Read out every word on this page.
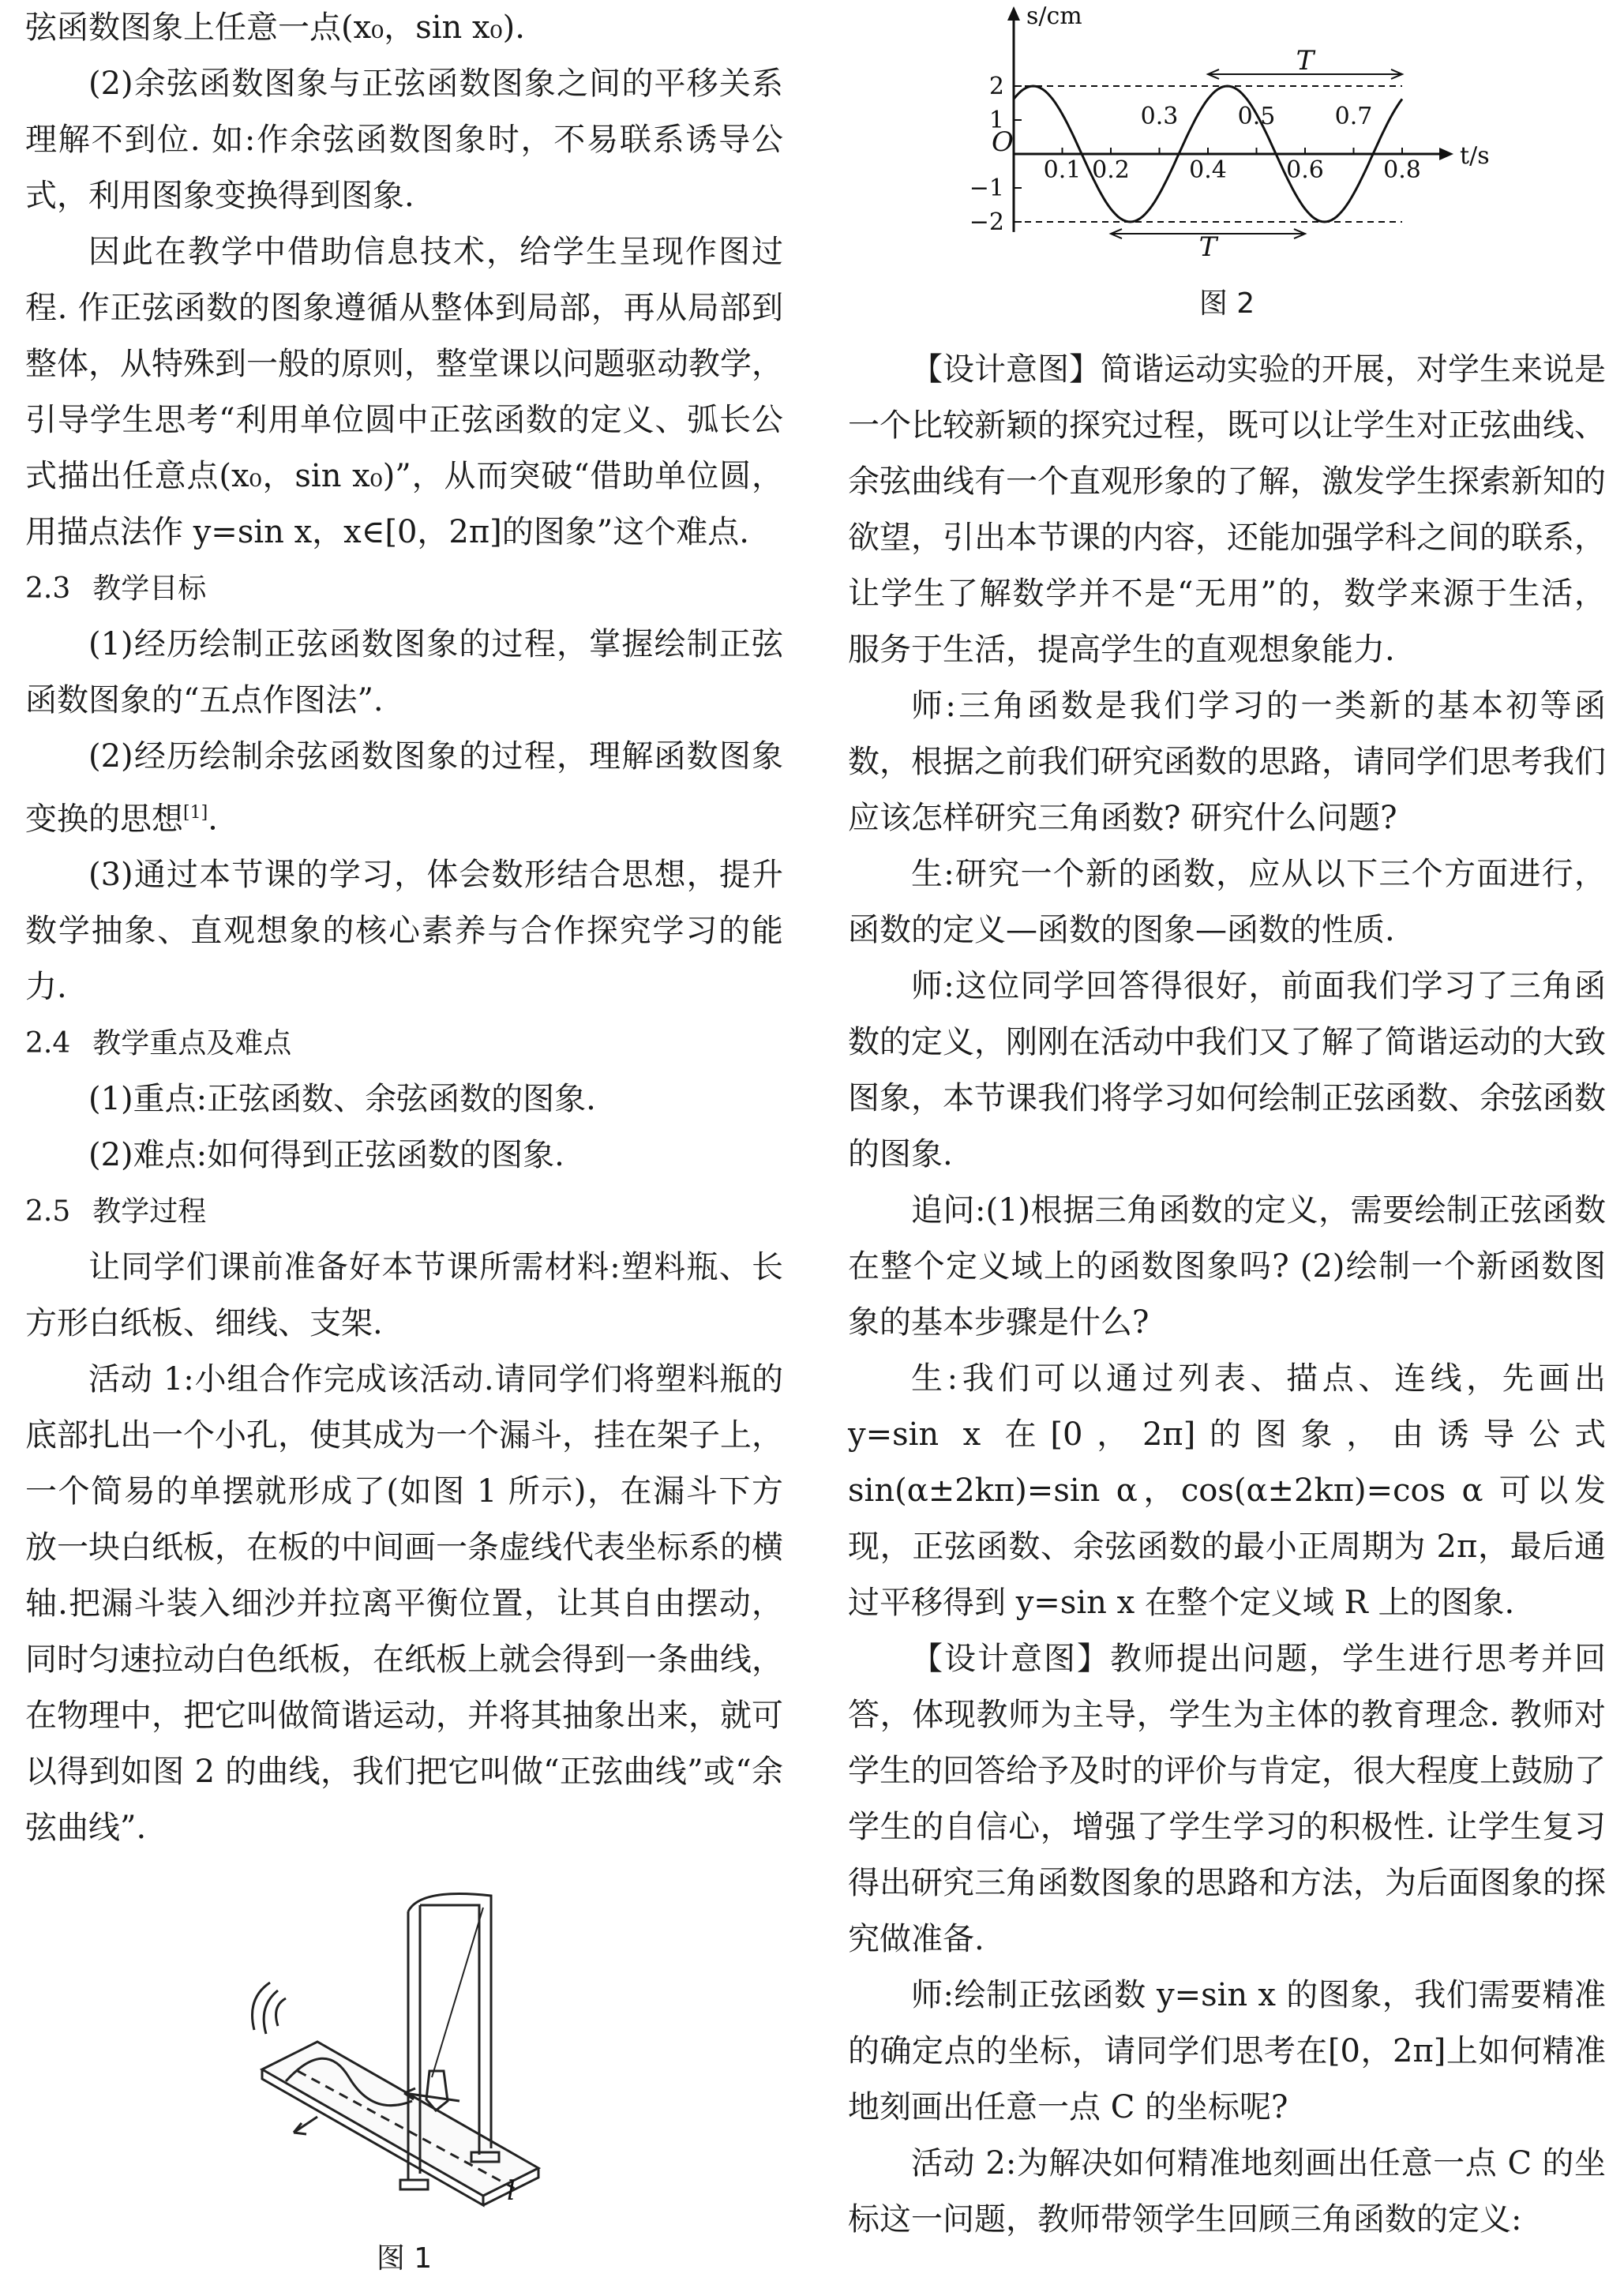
弦函数图象上任意一点(x₀，sin x₀).

(2)余弦函数图象与正弦函数图象之间的平移关系理解不到位. 如:作余弦函数图象时，不易联系诱导公式，利用图象变换得到图象.

因此在教学中借助信息技术，给学生呈现作图过程. 作正弦函数的图象遵循从整体到局部，再从局部到整体，从特殊到一般的原则，整堂课以问题驱动教学，引导学生思考“利用单位圆中正弦函数的定义、弧长公式描出任意点(x₀，sin x₀)”，从而突破“借助单位圆，用描点法作 y=sin x，x∈[0，2π]的图象”这个难点.

2.3 教学目标

(1)经历绘制正弦函数图象的过程，掌握绘制正弦函数图象的“五点作图法”.

(2)经历绘制余弦函数图象的过程，理解函数图象变换的思想[1].

(3)通过本节课的学习，体会数形结合思想，提升数学抽象、直观想象的核心素养与合作探究学习的能力.

2.4 教学重点及难点

(1)重点:正弦函数、余弦函数的图象.

(2)难点:如何得到正弦函数的图象.

2.5 教学过程

让同学们课前准备好本节课所需材料:塑料瓶、长方形白纸板、细线、支架.

活动 1:小组合作完成该活动.请同学们将塑料瓶的底部扎出一个小孔，使其成为一个漏斗，挂在架子上，一个简易的单摆就形成了(如图 1 所示)，在漏斗下方放一块白纸板，在板的中间画一条虚线代表坐标系的横轴.把漏斗装入细沙并拉离平衡位置，让其自由摆动，同时匀速拉动白色纸板，在纸板上就会得到一条曲线，在物理中，把它叫做简谐运动，并将其抽象出来，就可以得到如图 2 的曲线，我们把它叫做“正弦曲线”或“余弦曲线”.

l

图 1

s/cm
t/s
O
2
1
−1
−2
0.1 0.2	0.4	0.6	0.8
0.3	0.5	0.7
T
T

图 2

【设计意图】简谐运动实验的开展，对学生来说是一个比较新颖的探究过程，既可以让学生对正弦曲线、余弦曲线有一个直观形象的了解，激发学生探索新知的欲望，引出本节课的内容，还能加强学科之间的联系，让学生了解数学并不是“无用”的，数学来源于生活，服务于生活，提高学生的直观想象能力.

师:三角函数是我们学习的一类新的基本初等函数，根据之前我们研究函数的思路，请同学们思考我们应该怎样研究三角函数? 研究什么问题?

生:研究一个新的函数，应从以下三个方面进行，函数的定义—函数的图象—函数的性质.

师:这位同学回答得很好，前面我们学习了三角函数的定义，刚刚在活动中我们又了解了简谐运动的大致图象，本节课我们将学习如何绘制正弦函数、余弦函数的图象.

追问:(1)根据三角函数的定义，需要绘制正弦函数在整个定义域上的函数图象吗? (2)绘制一个新函数图象的基本步骤是什么?

生:我们可以通过列表、描点、连线，先画出 y=sin x 在[0，2π]的图象，由诱导公式 sin(α±2kπ)=sin α，cos(α±2kπ)=cos α 可以发现，正弦函数、余弦函数的最小正周期为 2π，最后通过平移得到 y=sin x 在整个定义域 R 上的图象.

【设计意图】教师提出问题，学生进行思考并回答，体现教师为主导，学生为主体的教育理念. 教师对学生的回答给予及时的评价与肯定，很大程度上鼓励了学生的自信心，增强了学生学习的积极性. 让学生复习得出研究三角函数图象的思路和方法，为后面图象的探究做准备.

师:绘制正弦函数 y=sin x 的图象，我们需要精准的确定点的坐标，请同学们思考在[0，2π]上如何精准地刻画出任意一点 C 的坐标呢?

活动 2:为解决如何精准地刻画出任意一点 C 的坐标这一问题，教师带领学生回顾三角函数的定义:
